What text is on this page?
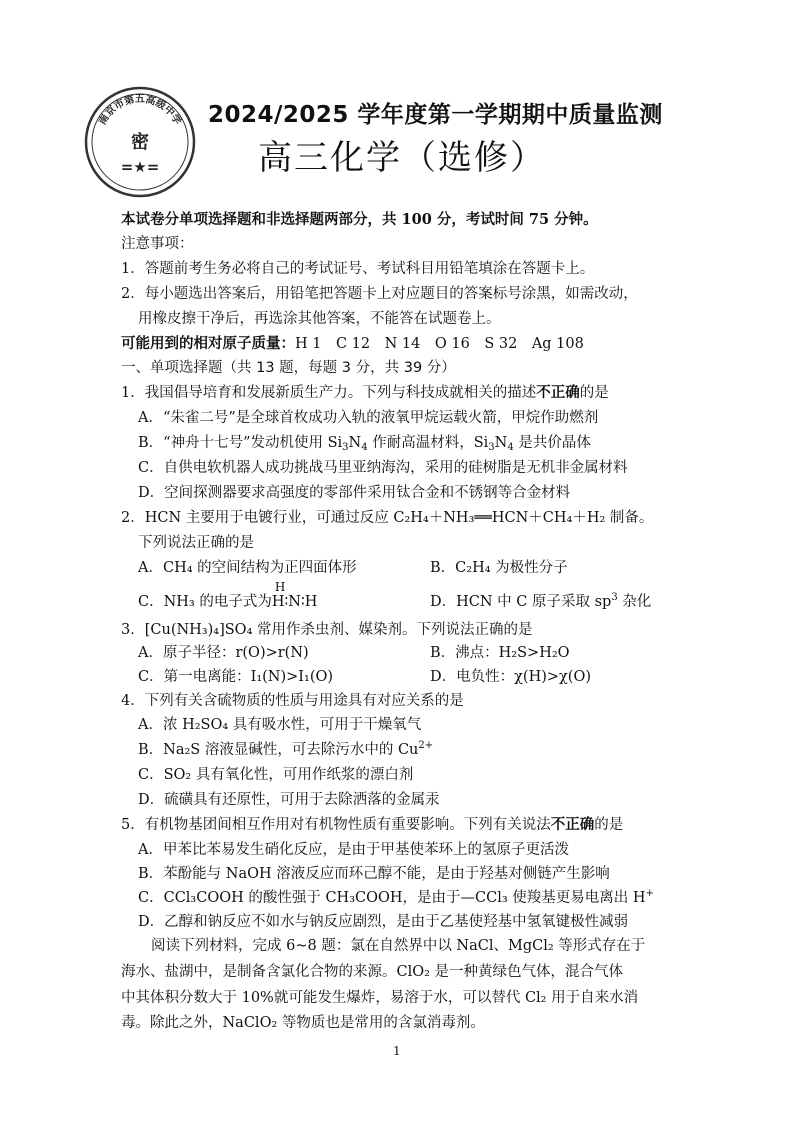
南京市第五高级中学
密
=★=
2024/2025 学年度第一学期期中质量监测
高三化学（选修）
本试卷分单项选择题和非选择题两部分，共 100 分，考试时间 75 分钟。
注意事项：
1．答题前考生务必将自己的考试证号、考试科目用铅笔填涂在答题卡上。
2．每小题选出答案后，用铅笔把答题卡上对应题目的答案标号涂黑，如需改动，
用橡皮擦干净后，再选涂其他答案，不能答在试题卷上。
可能用到的相对原子质量：H 1　C 12　N 14　O 16　S 32　Ag 108
一、单项选择题（共 13 题，每题 3 分，共 39 分）
1．我国倡导培育和发展新质生产力。下列与科技成就相关的描述不正确的是
A．“朱雀二号”是全球首枚成功入轨的液氧甲烷运载火箭，甲烷作助燃剂
B．“神舟十七号”发动机使用 $Si_3N_4$ 作耐高温材料，$Si_3N_4$ 是共价晶体
C．自供电软机器人成功挑战马里亚纳海沟，采用的硅树脂是无机非金属材料
D．空间探测器要求高强度的零部件采用钛合金和不锈钢等合金材料
2．HCN 主要用于电镀行业，可通过反应 C₂H₄＋NH₃══HCN＋CH₄＋H₂ 制备。
下列说法正确的是
A．CH₄ 的空间结构为正四面体形	B．C₂H₄ 为极性分子
C．NH₃ 的电子式为
H
H∶N∶H	D．HCN 中 C 原子采取 $sp^3$ 杂化
3．[Cu(NH₃)₄]SO₄ 常用作杀虫剂、媒染剂。下列说法正确的是
A．原子半径：r(O)>r(N)	B．沸点：H₂S>H₂O
C．第一电离能：I₁(N)>I₁(O)	D．电负性：χ(H)>χ(O)
4．下列有关含硫物质的性质与用途具有对应关系的是
A．浓 H₂SO₄ 具有吸水性，可用于干燥氧气
B．Na₂S 溶液显碱性，可去除污水中的 $Cu^{2+}$
C．SO₂ 具有氧化性，可用作纸浆的漂白剂
D．硫磺具有还原性，可用于去除洒落的金属汞
5．有机物基团间相互作用对有机物性质有重要影响。下列有关说法不正确的是
A．甲苯比苯易发生硝化反应，是由于甲基使苯环上的氢原子更活泼
B．苯酚能与 NaOH 溶液反应而环己醇不能，是由于羟基对侧链产生影响
C．CCl₃COOH 的酸性强于 CH₃COOH，是由于—CCl₃ 使羧基更易电离出 H+
D．乙醇和钠反应不如水与钠反应剧烈，是由于乙基使羟基中氢氧键极性减弱
阅读下列材料，完成 6~8 题：氯在自然界中以 NaCl、MgCl₂ 等形式存在于
海水、盐湖中，是制备含氯化合物的来源。ClO₂ 是一种黄绿色气体，混合气体
中其体积分数大于 10%就可能发生爆炸，易溶于水，可以替代 Cl₂ 用于自来水消
毒。除此之外，NaClO₂ 等物质也是常用的含氯消毒剂。
1
